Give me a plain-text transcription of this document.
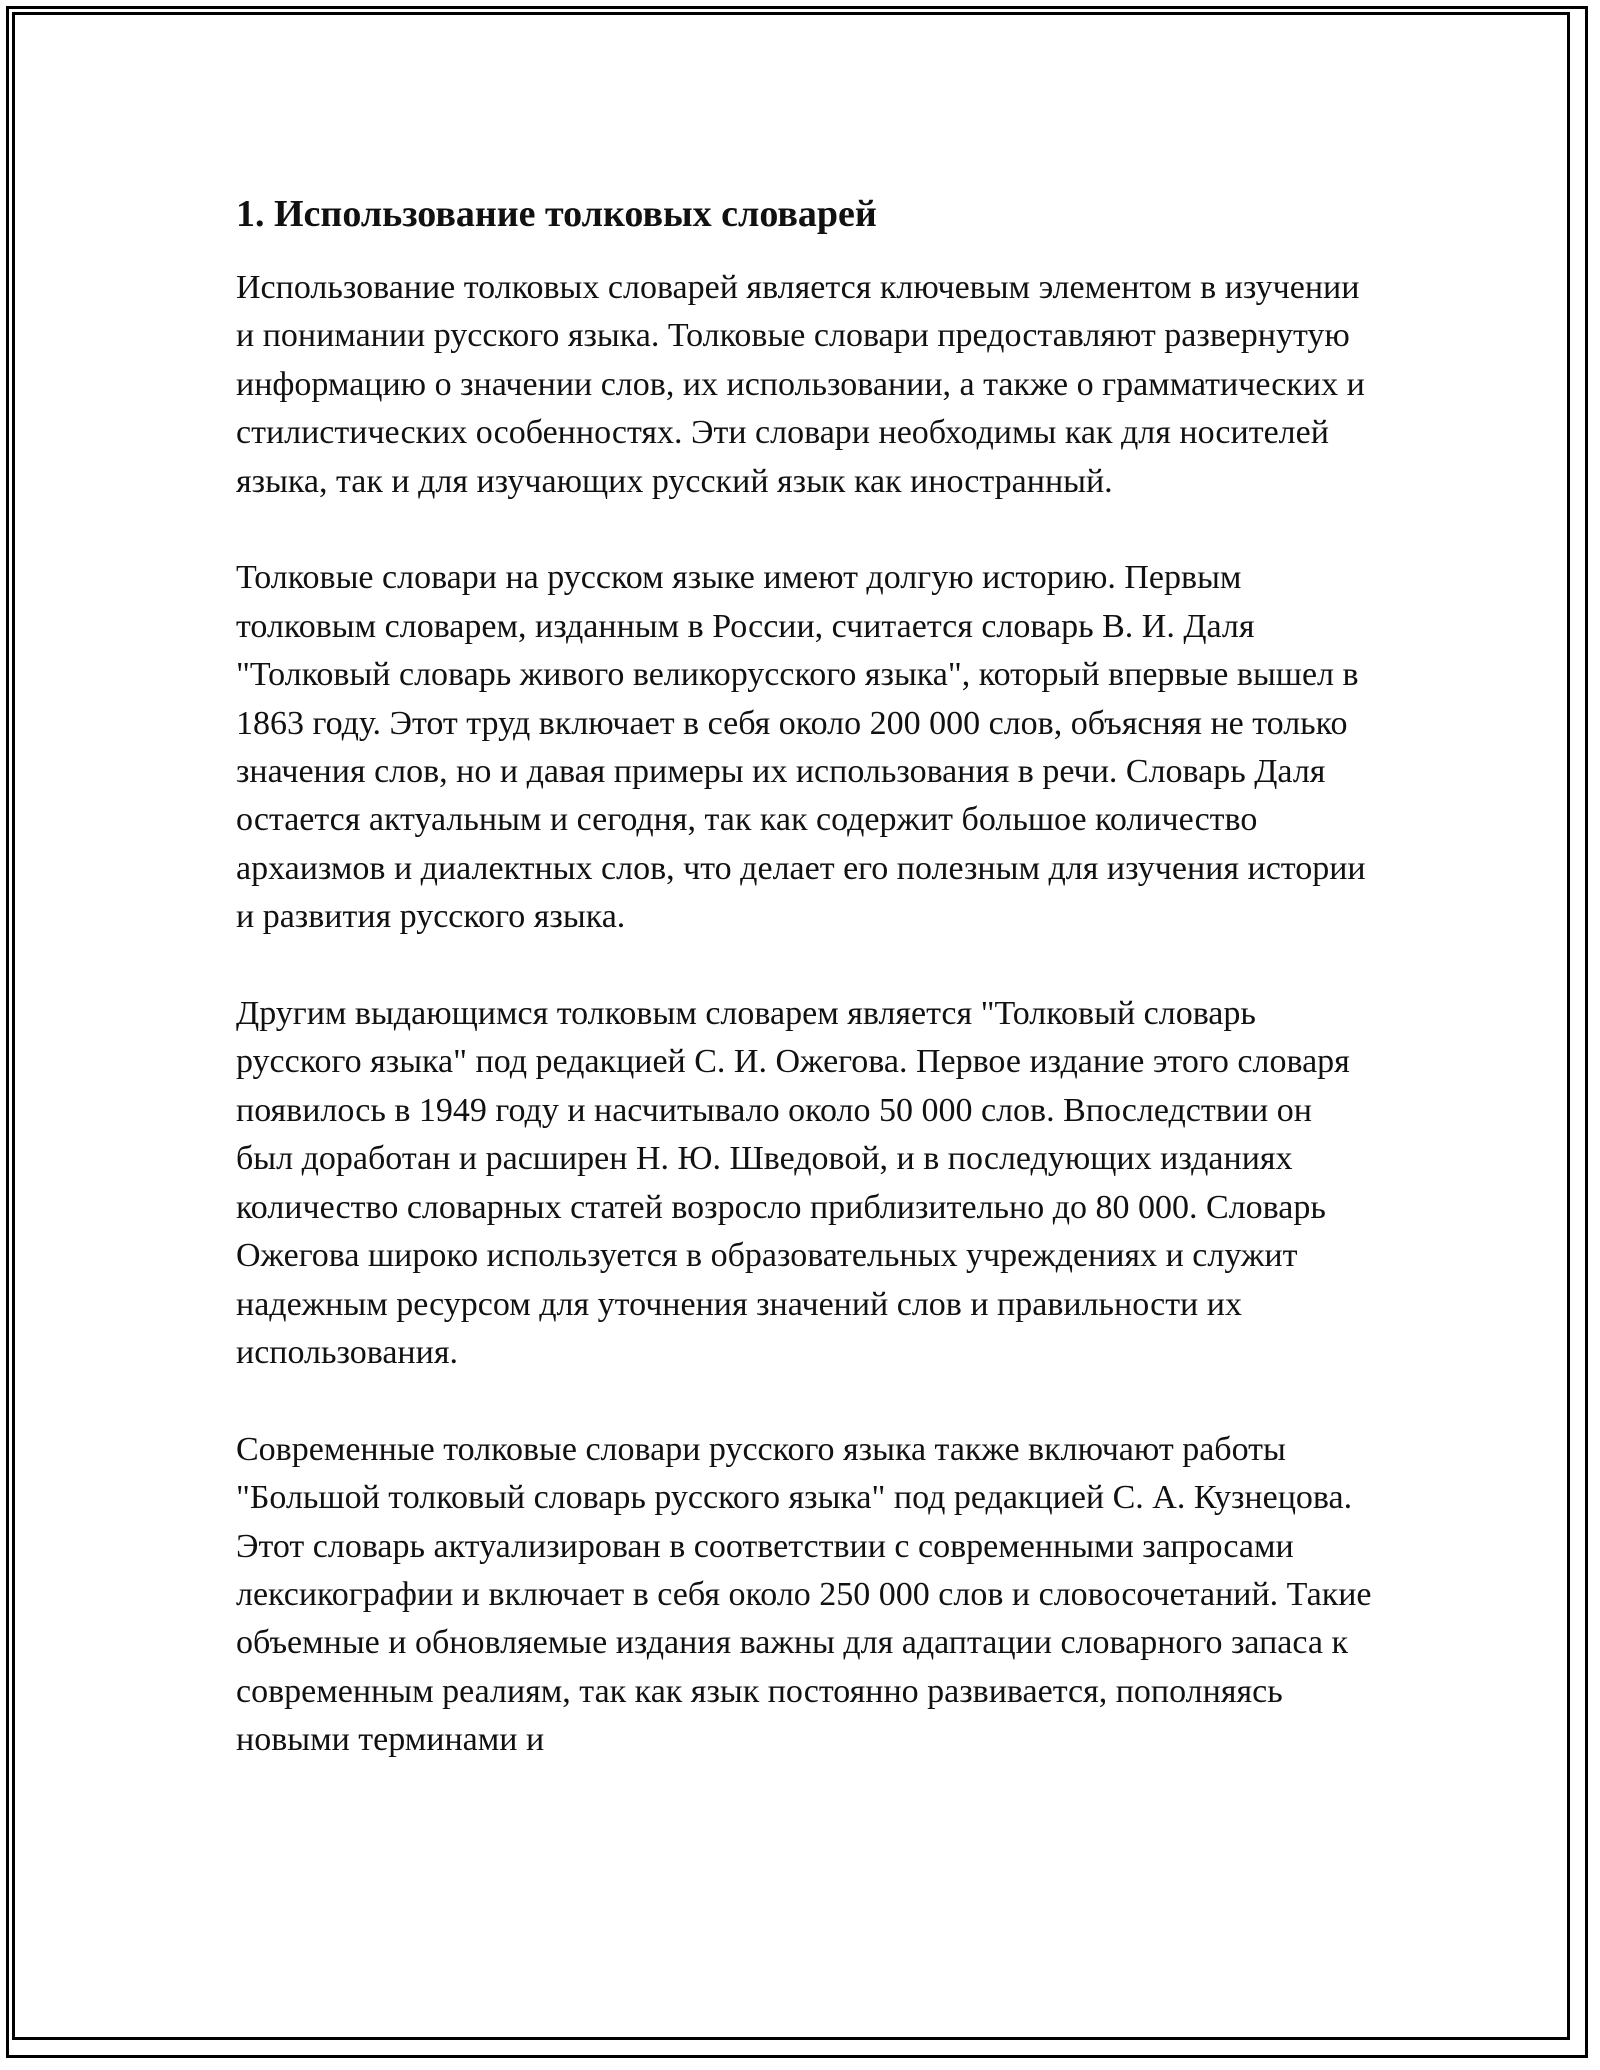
1. Использование толковых словарей

Использование толковых словарей является ключевым элементом в изучении и понимании русского языка. Толковые словари предоставляют развернутую информацию о значении слов, их использовании, а также о грамматических и стилистических особенностях. Эти словари необходимы как для носителей языка, так и для изучающих русский язык как иностранный.

Толковые словари на русском языке имеют долгую историю. Первым толковым словарем, изданным в России, считается словарь В. И. Даля "Толковый словарь живого великорусского языка", который впервые вышел в 1863 году. Этот труд включает в себя около 200 000 слов, объясняя не только значения слов, но и давая примеры их использования в речи. Словарь Даля остается актуальным и сегодня, так как содержит большое количество архаизмов и диалектных слов, что делает его полезным для изучения истории и развития русского языка.

Другим выдающимся толковым словарем является "Толковый словарь русского языка" под редакцией С. И. Ожегова. Первое издание этого словаря появилось в 1949 году и насчитывало около 50 000 слов. Впоследствии он был доработан и расширен Н. Ю. Шведовой, и в последующих изданиях количество словарных статей возросло приблизительно до 80 000. Словарь Ожегова широко используется в образовательных учреждениях и служит надежным ресурсом для уточнения значений слов и правильности их использования.

Современные толковые словари русского языка также включают работы "Большой толковый словарь русского языка" под редакцией С. А. Кузнецова. Этот словарь актуализирован в соответствии с современными запросами лексикографии и включает в себя около 250 000 слов и словосочетаний. Такие объемные и обновляемые издания важны для адаптации словарного запаса к современным реалиям, так как язык постоянно развивается, пополняясь новыми терминами и
